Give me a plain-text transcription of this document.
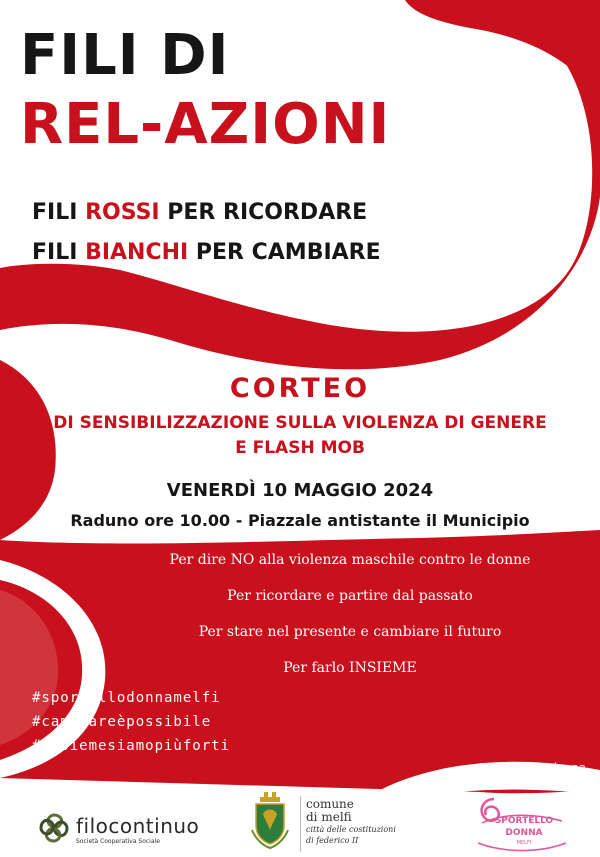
FILI DI
REL-AZIONI
FILI ROSSI PER RICORDARE
FILI BIANCHI PER CAMBIARE
CORTEO
DI SENSIBILIZZAZIONE SULLA VIOLENZA DI GENERE
E FLASH MOB
VENERDÌ 10 MAGGIO 2024
Raduno ore 10.00 - Piazzale antistante il Municipio
Per dire NO alla violenza maschile contro le donne
Per ricordare e partire dal passato
Per stare nel presente e cambiare il futuro
Per farlo INSIEME
#sportellodonnamelfi
#cambiareèpossibile
#insiemesiamopiùforti
Sportello donna
info 3386054430
filocontinuo
Società Cooperativa Sociale
comune
di melfi
città delle costituzioni
di federico II
SPORTELLO
DONNA
MELFI
